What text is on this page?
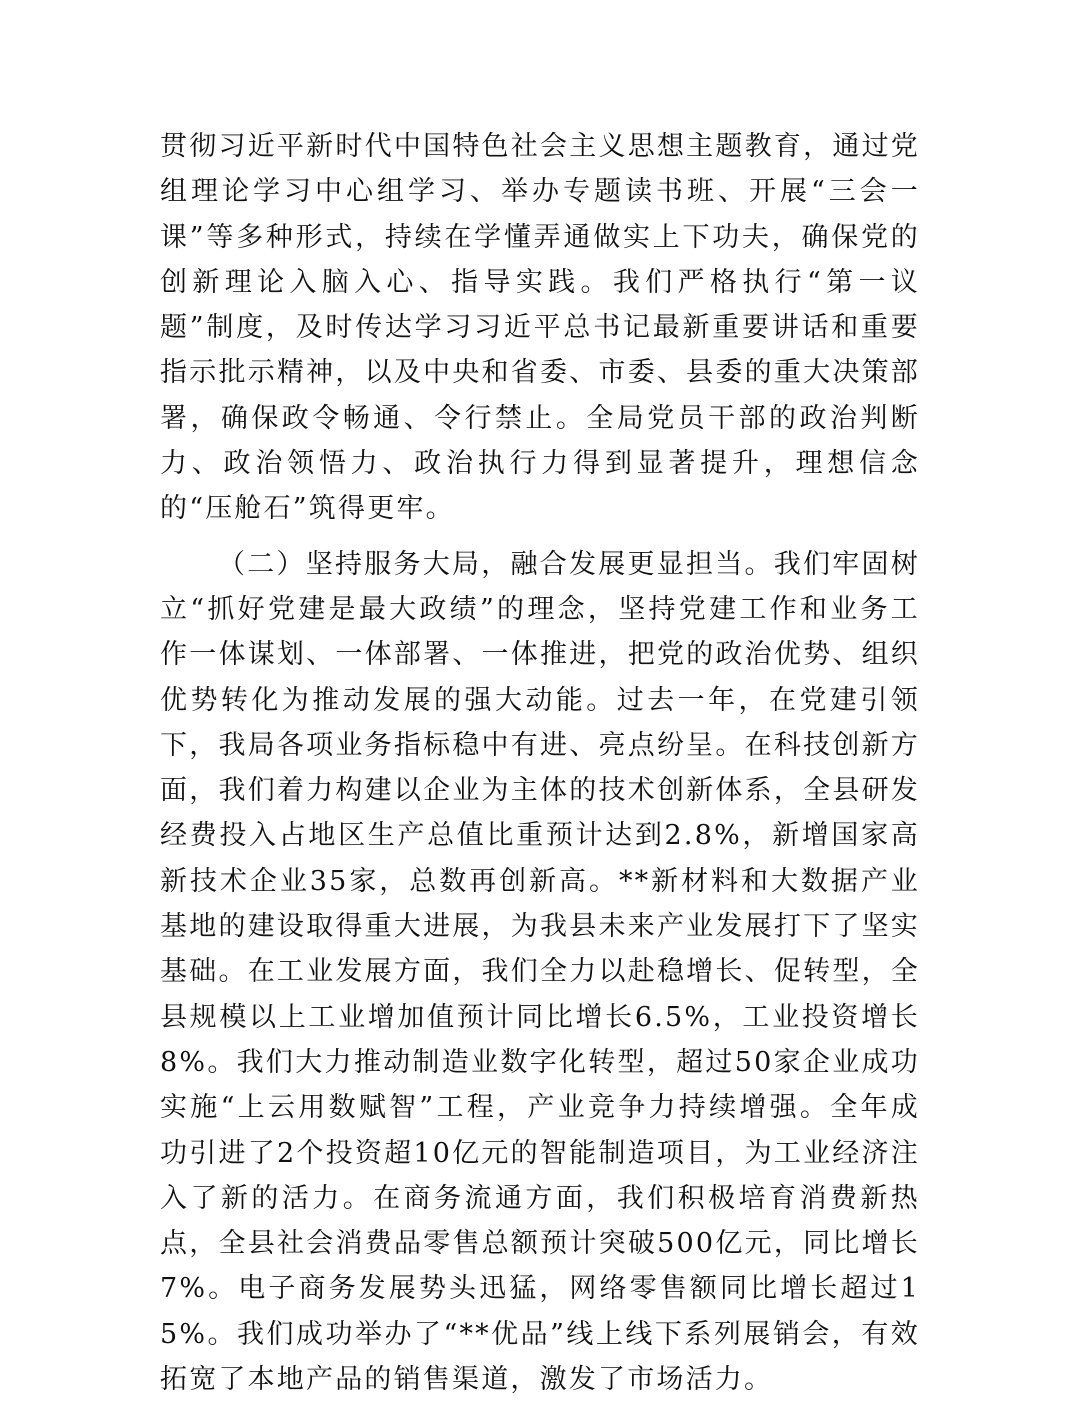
贯彻习近平新时代中国特色社会主义思想主题教育，通过党组理论学习中心组学习、举办专题读书班、开展“三会一课”等多种形式，持续在学懂弄通做实上下功夫，确保党的创新理论入脑入心、指导实践。我们严格执行“第一议题”制度，及时传达学习习近平总书记最新重要讲话和重要指示批示精神，以及中央和省委、市委、县委的重大决策部署，确保政令畅通、令行禁止。全局党员干部的政治判断力、政治领悟力、政治执行力得到显著提升，理想信念的“压舱石”筑得更牢。

（二）坚持服务大局，融合发展更显担当。我们牢固树立“抓好党建是最大政绩”的理念，坚持党建工作和业务工作一体谋划、一体部署、一体推进，把党的政治优势、组织优势转化为推动发展的强大动能。过去一年，在党建引领下，我局各项业务指标稳中有进、亮点纷呈。在科技创新方面，我们着力构建以企业为主体的技术创新体系，全县研发经费投入占地区生产总值比重预计达到2.8%，新增国家高新技术企业35家，总数再创新高。**新材料和大数据产业基地的建设取得重大进展，为我县未来产业发展打下了坚实基础。在工业发展方面，我们全力以赴稳增长、促转型，全县规模以上工业增加值预计同比增长6.5%，工业投资增长8%。我们大力推动制造业数字化转型，超过50家企业成功实施“上云用数赋智”工程，产业竞争力持续增强。全年成功引进了2个投资超10亿元的智能制造项目，为工业经济注入了新的活力。在商务流通方面，我们积极培育消费新热点，全县社会消费品零售总额预计突破500亿元，同比增长7%。电子商务发展势头迅猛，网络零售额同比增长超过15%。我们成功举办了“**优品”线上线下系列展销会，有效拓宽了本地产品的销售渠道，激发了市场活力。
